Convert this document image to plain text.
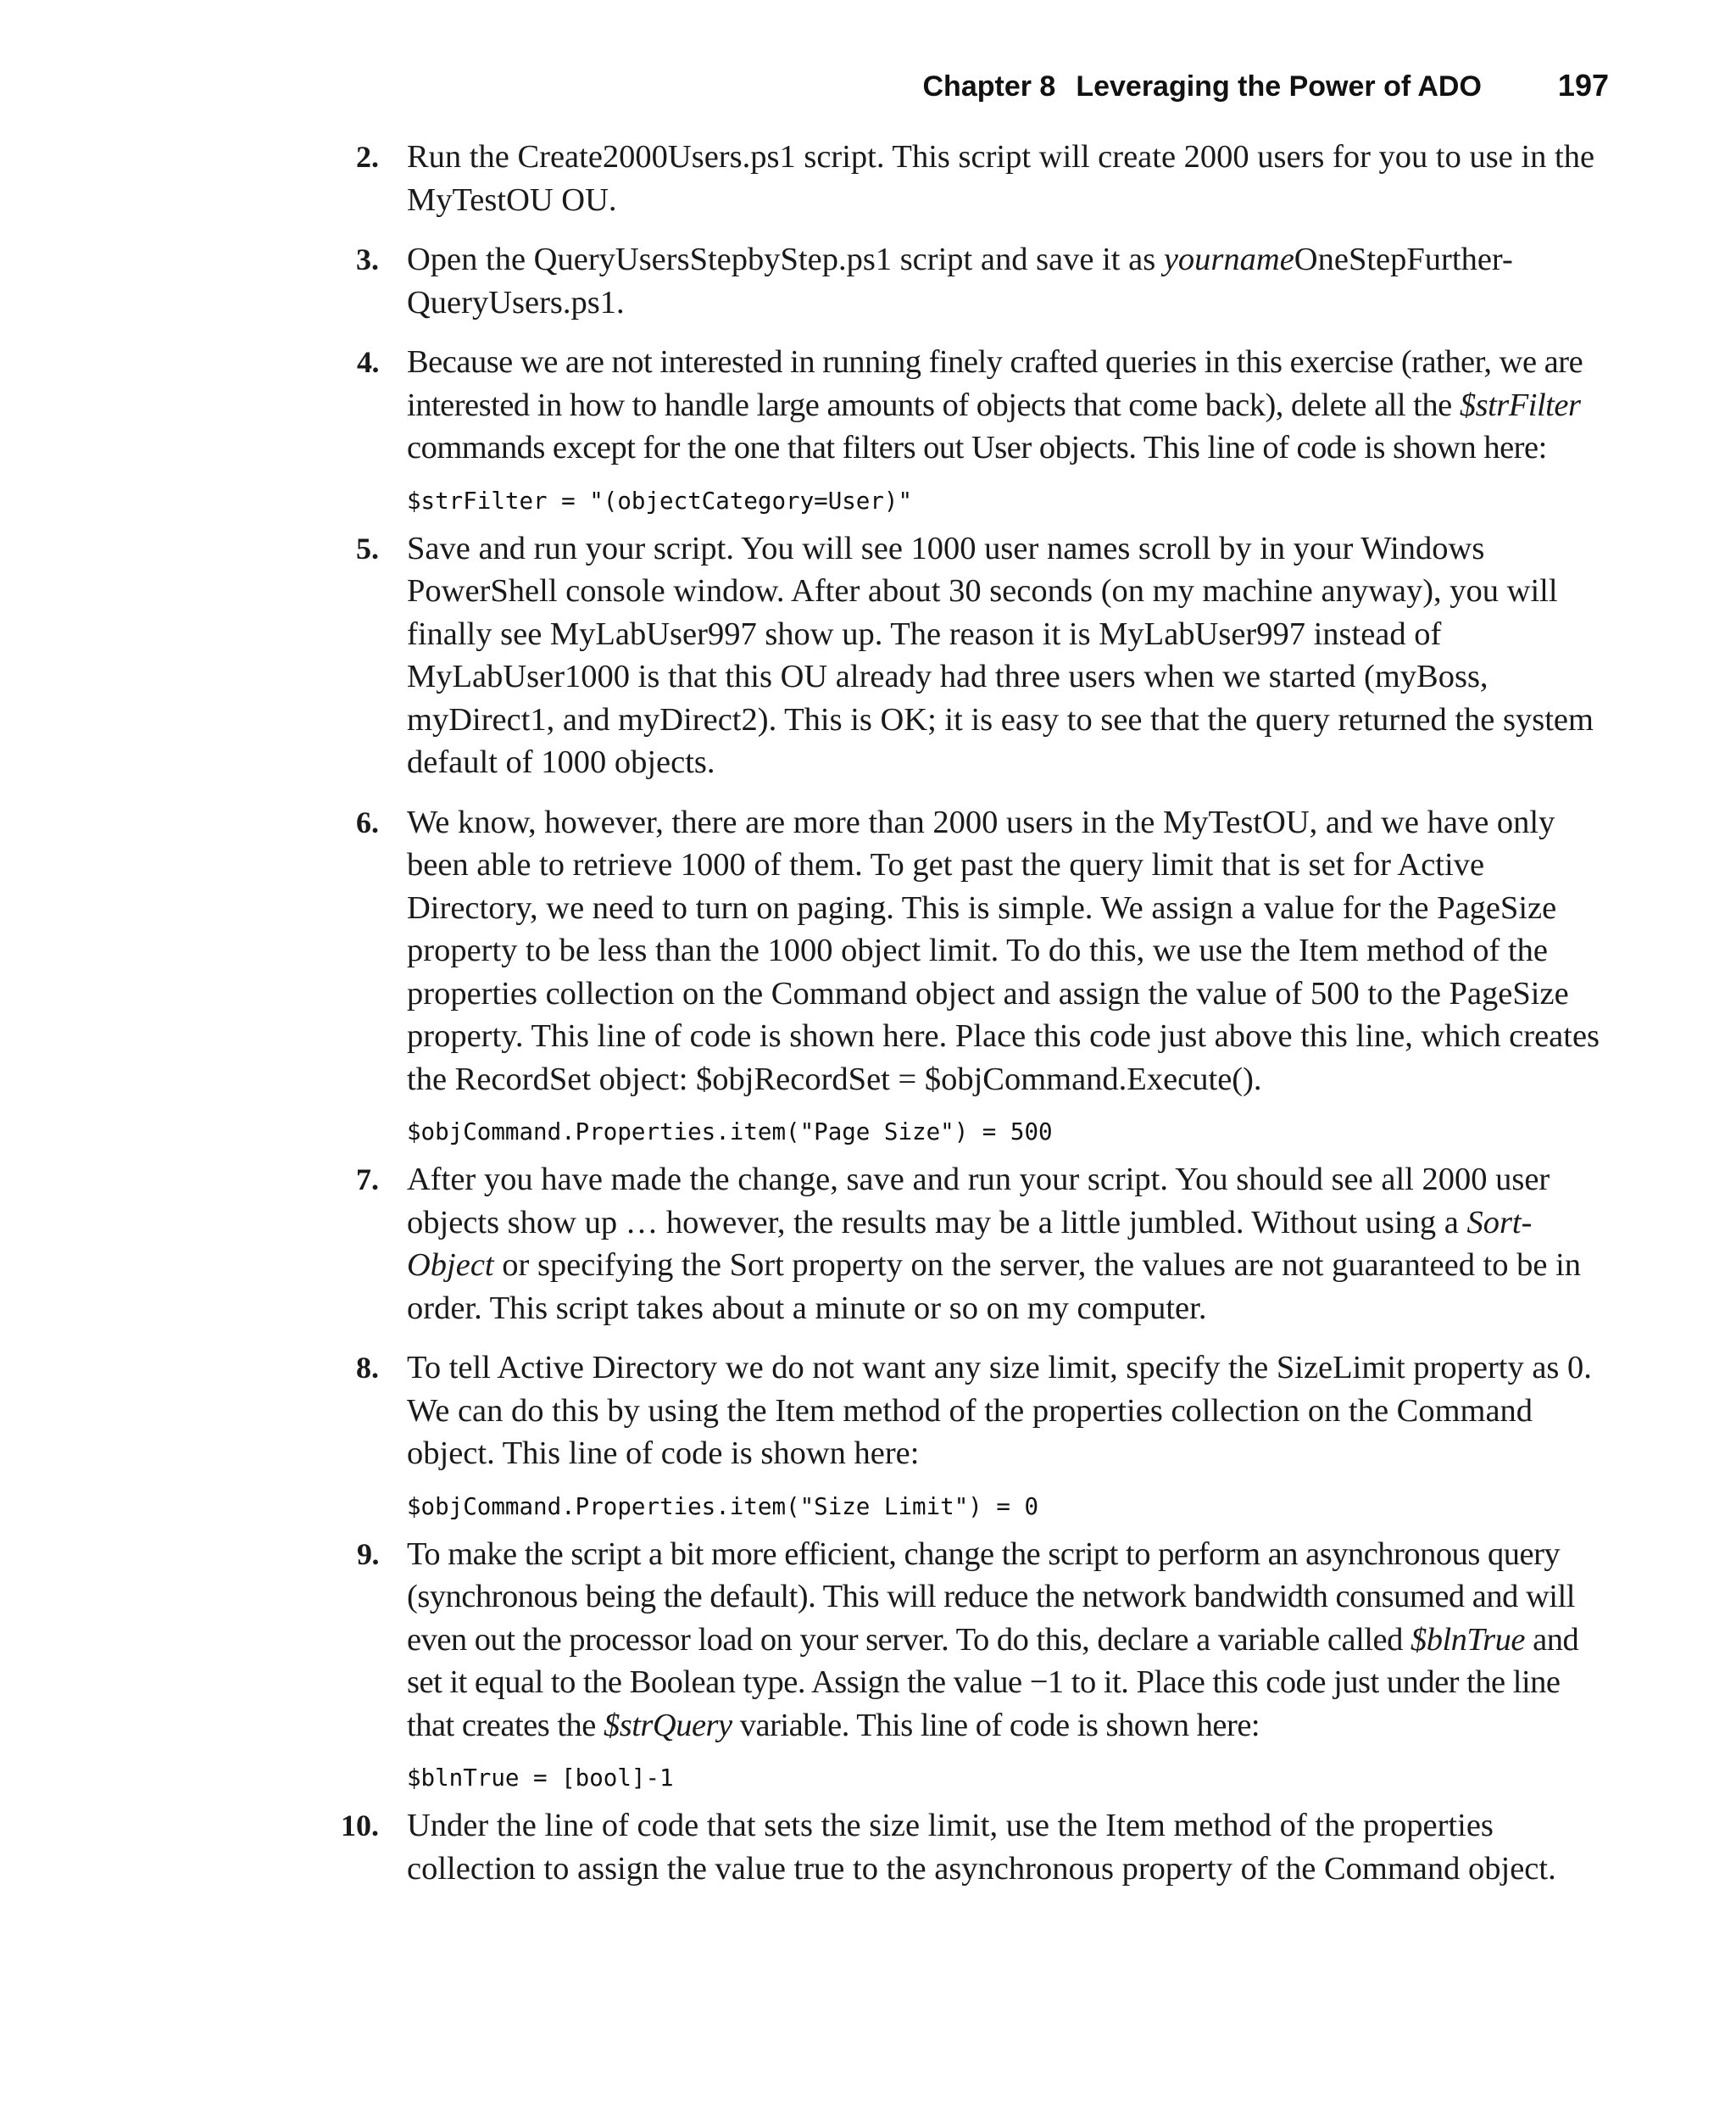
Chapter 8 Leveraging the Power of ADO	197
2. Run the Create2000Users.ps1 script. This script will create 2000 users for you to use in the MyTestOU OU.

3. Open the QueryUsersStepbyStep.ps1 script and save it as yournameOneStepFurther-QueryUsers.ps1.

4. Because we are not interested in running finely crafted queries in this exercise (rather, we are interested in how to handle large amounts of objects that come back), delete all the $strFilter commands except for the one that filters out User objects. This line of code is shown here:

$strFilter = "(objectCategory=User)"
5. Save and run your script. You will see 1000 user names scroll by in your Windows PowerShell console window. After about 30 seconds (on my machine anyway), you will finally see MyLabUser997 show up. The reason it is MyLabUser997 instead of MyLabUser1000 is that this OU already had three users when we started (myBoss, myDirect1, and myDirect2). This is OK; it is easy to see that the query returned the system default of 1000 objects.

6. We know, however, there are more than 2000 users in the MyTestOU, and we have only been able to retrieve 1000 of them. To get past the query limit that is set for Active Directory, we need to turn on paging. This is simple. We assign a value for the PageSize property to be less than the 1000 object limit. To do this, we use the Item method of the properties collection on the Command object and assign the value of 500 to the PageSize property. This line of code is shown here. Place this code just above this line, which creates the RecordSet object: $objRecordSet = $objCommand.Execute().

$objCommand.Properties.item("Page Size") = 500
7. After you have made the change, save and run your script. You should see all 2000 user objects show up … however, the results may be a little jumbled. Without using a Sort-Object or specifying the Sort property on the server, the values are not guaranteed to be in order. This script takes about a minute or so on my computer.

8. To tell Active Directory we do not want any size limit, specify the SizeLimit property as 0. We can do this by using the Item method of the properties collection on the Command object. This line of code is shown here:

$objCommand.Properties.item("Size Limit") = 0
9. To make the script a bit more efficient, change the script to perform an asynchronous query (synchronous being the default). This will reduce the network bandwidth consumed and will even out the processor load on your server. To do this, declare a variable called $blnTrue and set it equal to the Boolean type. Assign the value −1 to it. Place this code just under the line that creates the $strQuery variable. This line of code is shown here:

$blnTrue = [bool]-1
10. Under the line of code that sets the size limit, use the Item method of the properties collection to assign the value true to the asynchronous property of the Command object.
